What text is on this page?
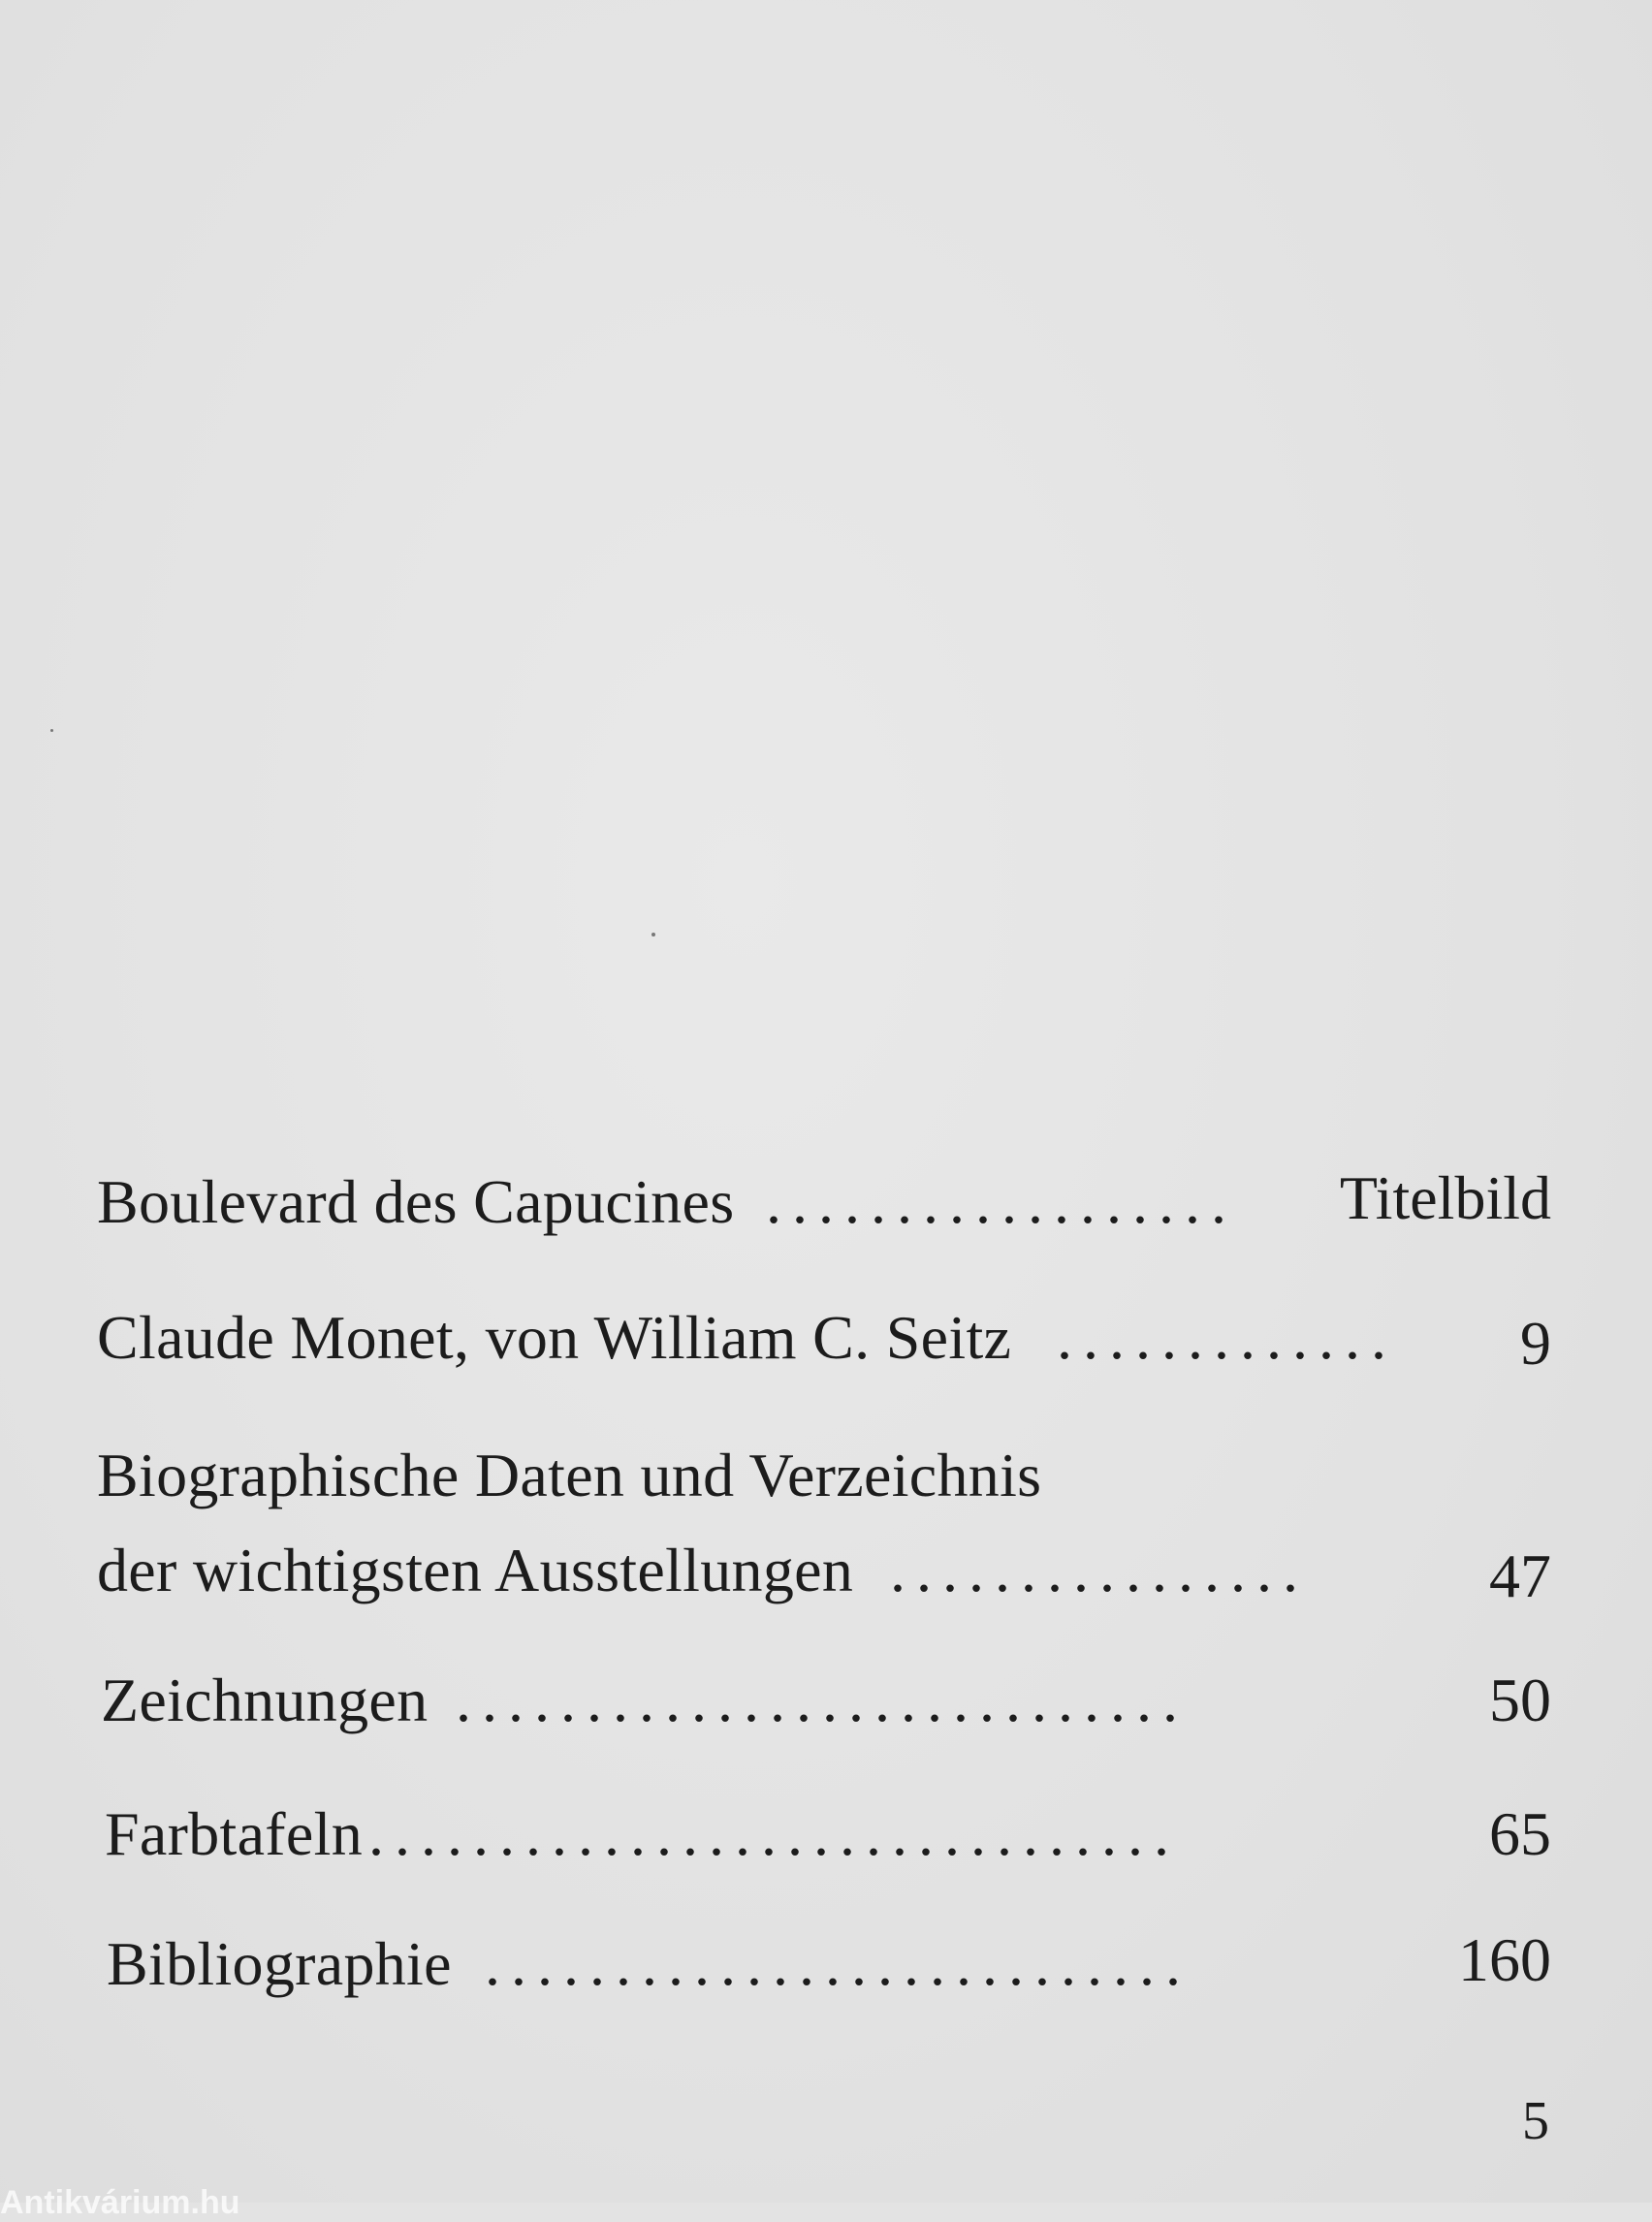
Boulevard des Capucines ..................	Titelbild
Claude Monet, von William C. Seitz .............	9
Biographische Daten und Verzeichnis
der wichtigsten Ausstellungen ................	47
Zeichnungen ............................	50
Farbtafeln ...............................	65
Bibliographie ...........................	160
5
Antikvárium.hu
